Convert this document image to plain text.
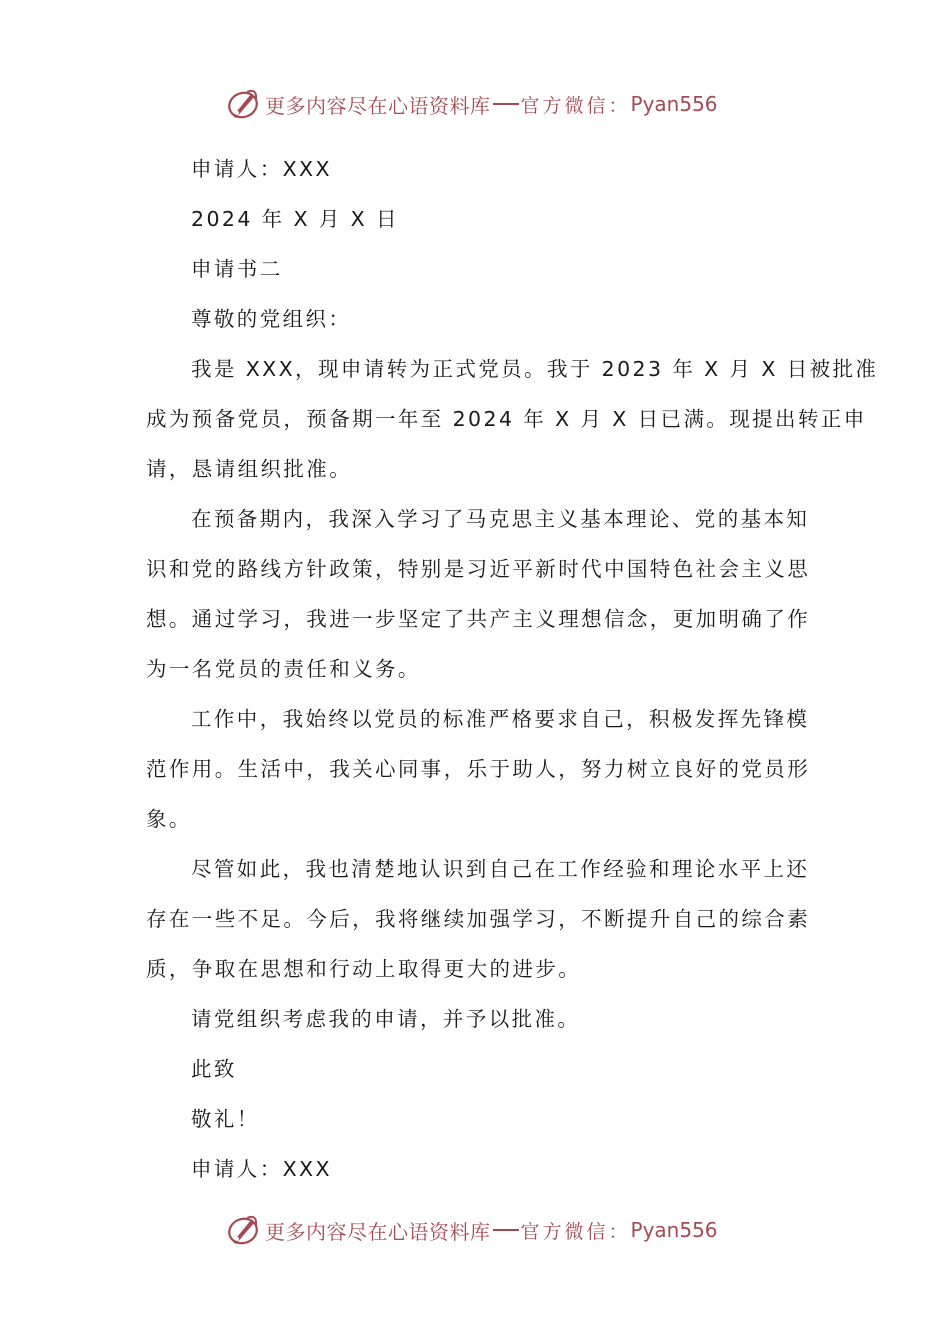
更多内容尽在心语资料库 官方微信： Pyan556
申请人：XXX
2024 年 X 月 X 日
申请书二
尊敬的党组织：
我是 XXX，现申请转为正式党员。我于 2023 年 X 月 X 日被批准
成为预备党员，预备期一年至 2024 年 X 月 X 日已满。现提出转正申
请，恳请组织批准。
在预备期内，我深入学习了马克思主义基本理论、党的基本知
识和党的路线方针政策，特别是习近平新时代中国特色社会主义思
想。通过学习，我进一步坚定了共产主义理想信念，更加明确了作
为一名党员的责任和义务。
工作中，我始终以党员的标准严格要求自己，积极发挥先锋模
范作用。生活中，我关心同事，乐于助人，努力树立良好的党员形
象。
尽管如此，我也清楚地认识到自己在工作经验和理论水平上还
存在一些不足。今后，我将继续加强学习，不断提升自己的综合素
质，争取在思想和行动上取得更大的进步。
请党组织考虑我的申请，并予以批准。
此致
敬礼！
申请人：XXX
更多内容尽在心语资料库 官方微信： Pyan556
